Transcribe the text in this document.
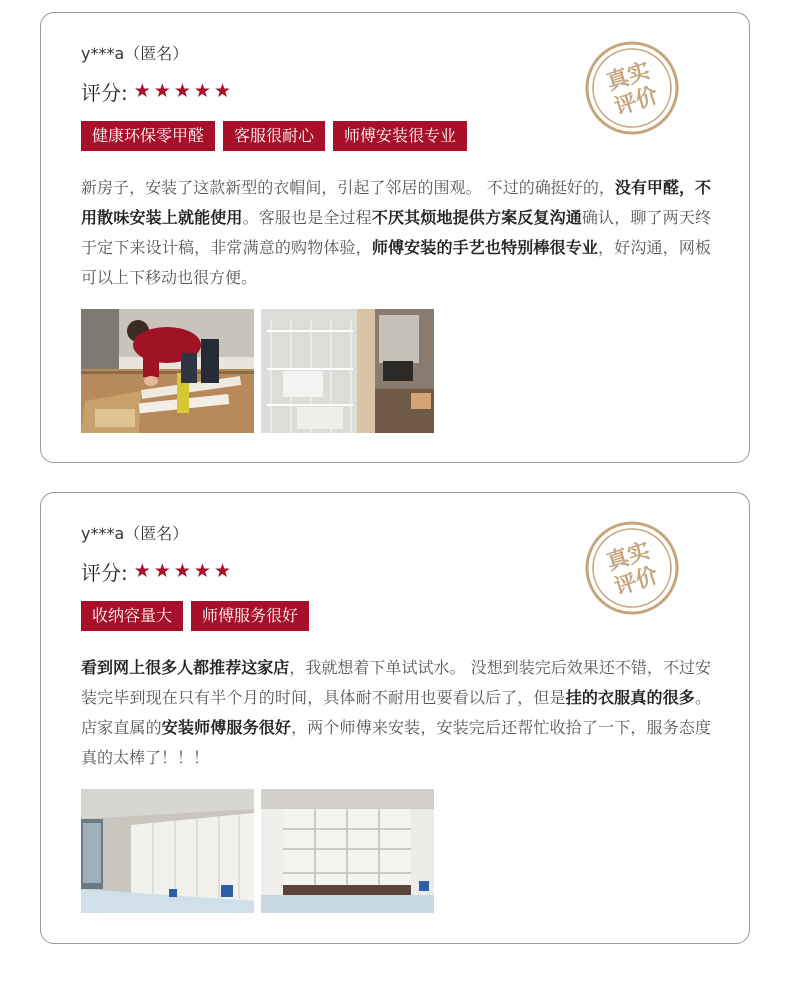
y***a（匿名）
评分: ★ ★ ★ ★ ★
健康环保零甲醛	客服很耐心	师傅安装很专业

新房子，安装了这款新型的衣帽间，引起了邻居的围观。 不过的确挺好的，没有甲醛，不用散味安装上就能使用。客服也是全过程不厌其烦地提供方案反复沟通确认，聊了两天终于定下来设计稿，非常满意的购物体验，师傅安装的手艺也特别棒很专业，好沟通，网板可以上下移动也很方便。

真实
评价
y***a（匿名）
评分: ★ ★ ★ ★ ★
收纳容量大	师傅服务很好

看到网上很多人都推荐这家店，我就想着下单试试水。 没想到装完后效果还不错，不过安装完毕到现在只有半个月的时间，具体耐不耐用也要看以后了，但是挂的衣服真的很多。店家直属的安装师傅服务很好，两个师傅来安装，安装完后还帮忙收拾了一下，服务态度真的太棒了！！！

真实
评价
